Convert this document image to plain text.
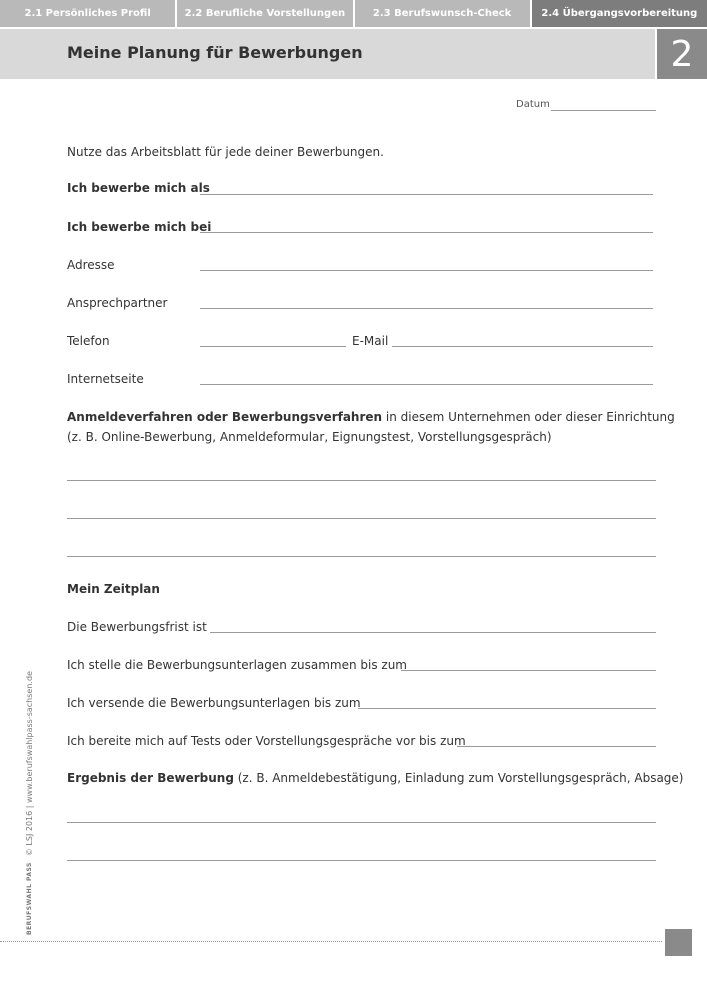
2.1 Persönliches Profil	2.2 Berufliche Vorstellungen	2.3 Berufswunsch-Check	2.4 Übergangsvorbereitung
Meine Planung für Bewerbungen	2
Datum
Nutze das Arbeitsblatt für jede deiner Bewerbungen.
Ich bewerbe mich als
Ich bewerbe mich bei
Adresse
Ansprechpartner
Telefon	E-Mail
Internetseite
Anmeldeverfahren oder Bewerbungsverfahren in diesem Unternehmen oder dieser Einrichtung
(z. B. Online-Bewerbung, Anmeldeformular, Eignungstest, Vorstellungsgespräch)
Mein Zeitplan
Die Bewerbungsfrist ist
Ich stelle die Bewerbungsunterlagen zusammen bis zum
Ich versende die Bewerbungsunterlagen bis zum
Ich bereite mich auf Tests oder Vorstellungsgespräche vor bis zum
Ergebnis der Bewerbung (z. B. Anmeldebestätigung, Einladung zum Vorstellungsgespräch, Absage)
BERUFSWAHL PASS
© LSJ 2016 | www.berufswahlpass-sachsen.de
